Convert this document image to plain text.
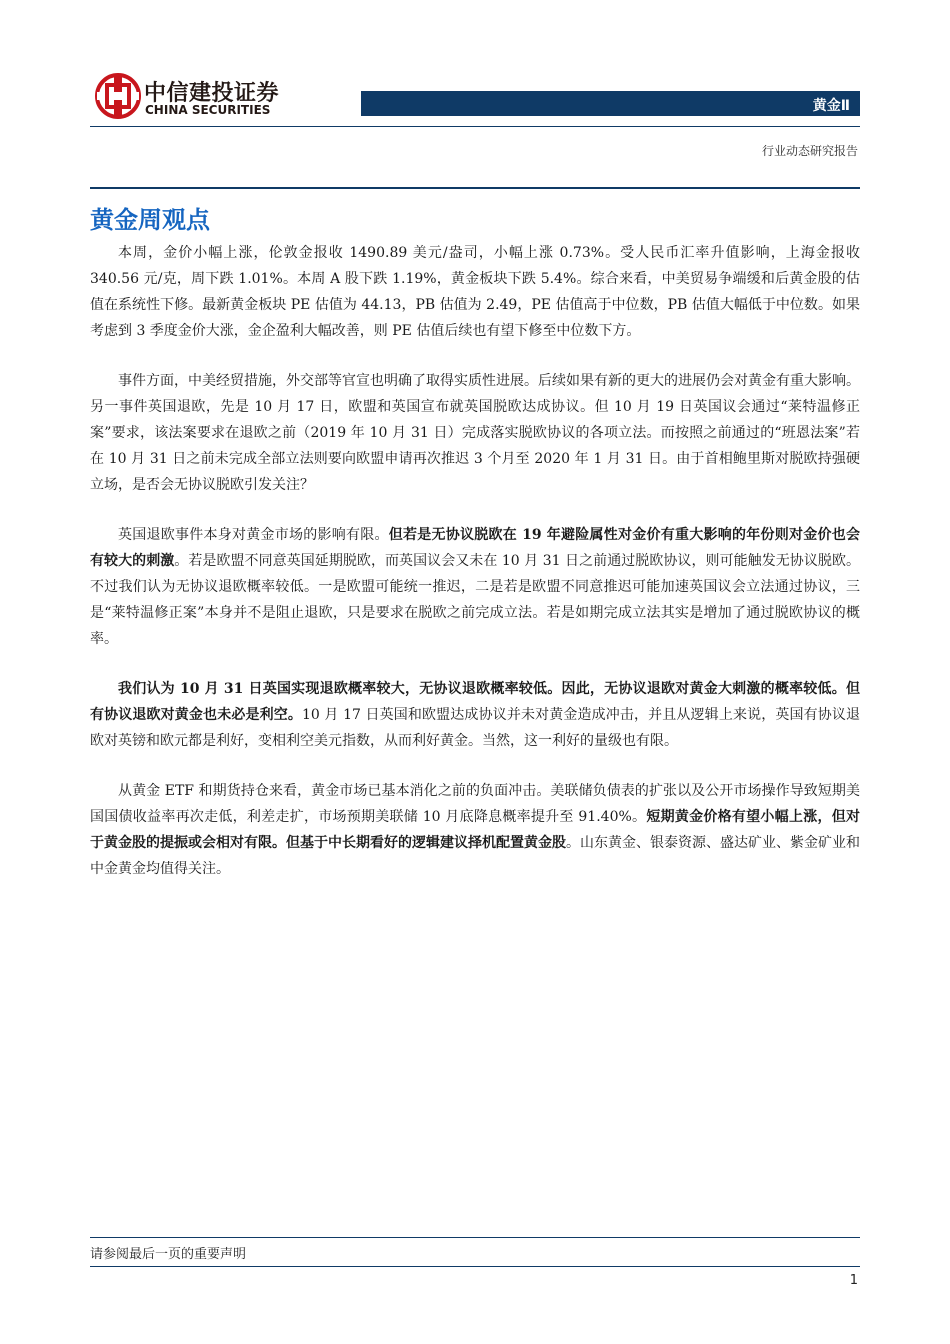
中信建投证券
CHINA SECURITIES	黄金Ⅱ
行业动态研究报告
黄金周观点

本周，金价小幅上涨，伦敦金报收 1490.89 美元/盎司，小幅上涨 0.73%。受人民币汇率升值影响，上海金报收 340.56 元/克，周下跌 1.01%。本周 A 股下跌 1.19%，黄金板块下跌 5.4%。综合来看，中美贸易争端缓和后黄金股的估值在系统性下修。最新黄金板块 PE 估值为 44.13，PB 估值为 2.49，PE 估值高于中位数，PB 估值大幅低于中位数。如果考虑到 3 季度金价大涨，金企盈利大幅改善，则 PE 估值后续也有望下修至中位数下方。

事件方面，中美经贸措施，外交部等官宣也明确了取得实质性进展。后续如果有新的更大的进展仍会对黄金有重大影响。另一事件英国退欧，先是 10 月 17 日，欧盟和英国宣布就英国脱欧达成协议。但 10 月 19 日英国议会通过“莱特温修正案”要求，该法案要求在退欧之前（2019 年 10 月 31 日）完成落实脱欧协议的各项立法。而按照之前通过的“班恩法案”若在 10 月 31 日之前未完成全部立法则要向欧盟申请再次推迟 3 个月至 2020 年 1 月 31 日。由于首相鲍里斯对脱欧持强硬立场，是否会无协议脱欧引发关注？

英国退欧事件本身对黄金市场的影响有限。但若是无协议脱欧在 19 年避险属性对金价有重大影响的年份则对金价也会有较大的刺激。若是欧盟不同意英国延期脱欧，而英国议会又未在 10 月 31 日之前通过脱欧协议，则可能触发无协议脱欧。不过我们认为无协议退欧概率较低。一是欧盟可能统一推迟，二是若是欧盟不同意推迟可能加速英国议会立法通过协议，三是“莱特温修正案”本身并不是阻止退欧，只是要求在脱欧之前完成立法。若是如期完成立法其实是增加了通过脱欧协议的概率。

我们认为 10 月 31 日英国实现退欧概率较大，无协议退欧概率较低。因此，无协议退欧对黄金大刺激的概率较低。但有协议退欧对黄金也未必是利空。10 月 17 日英国和欧盟达成协议并未对黄金造成冲击，并且从逻辑上来说，英国有协议退欧对英镑和欧元都是利好，变相利空美元指数，从而利好黄金。当然，这一利好的量级也有限。

从黄金 ETF 和期货持仓来看，黄金市场已基本消化之前的负面冲击。美联储负债表的扩张以及公开市场操作导致短期美国国债收益率再次走低，利差走扩，市场预期美联储 10 月底降息概率提升至 91.40%。短期黄金价格有望小幅上涨，但对于黄金股的提振或会相对有限。但基于中长期看好的逻辑建议择机配置黄金股。山东黄金、银泰资源、盛达矿业、紫金矿业和中金黄金均值得关注。

请参阅最后一页的重要声明
1
